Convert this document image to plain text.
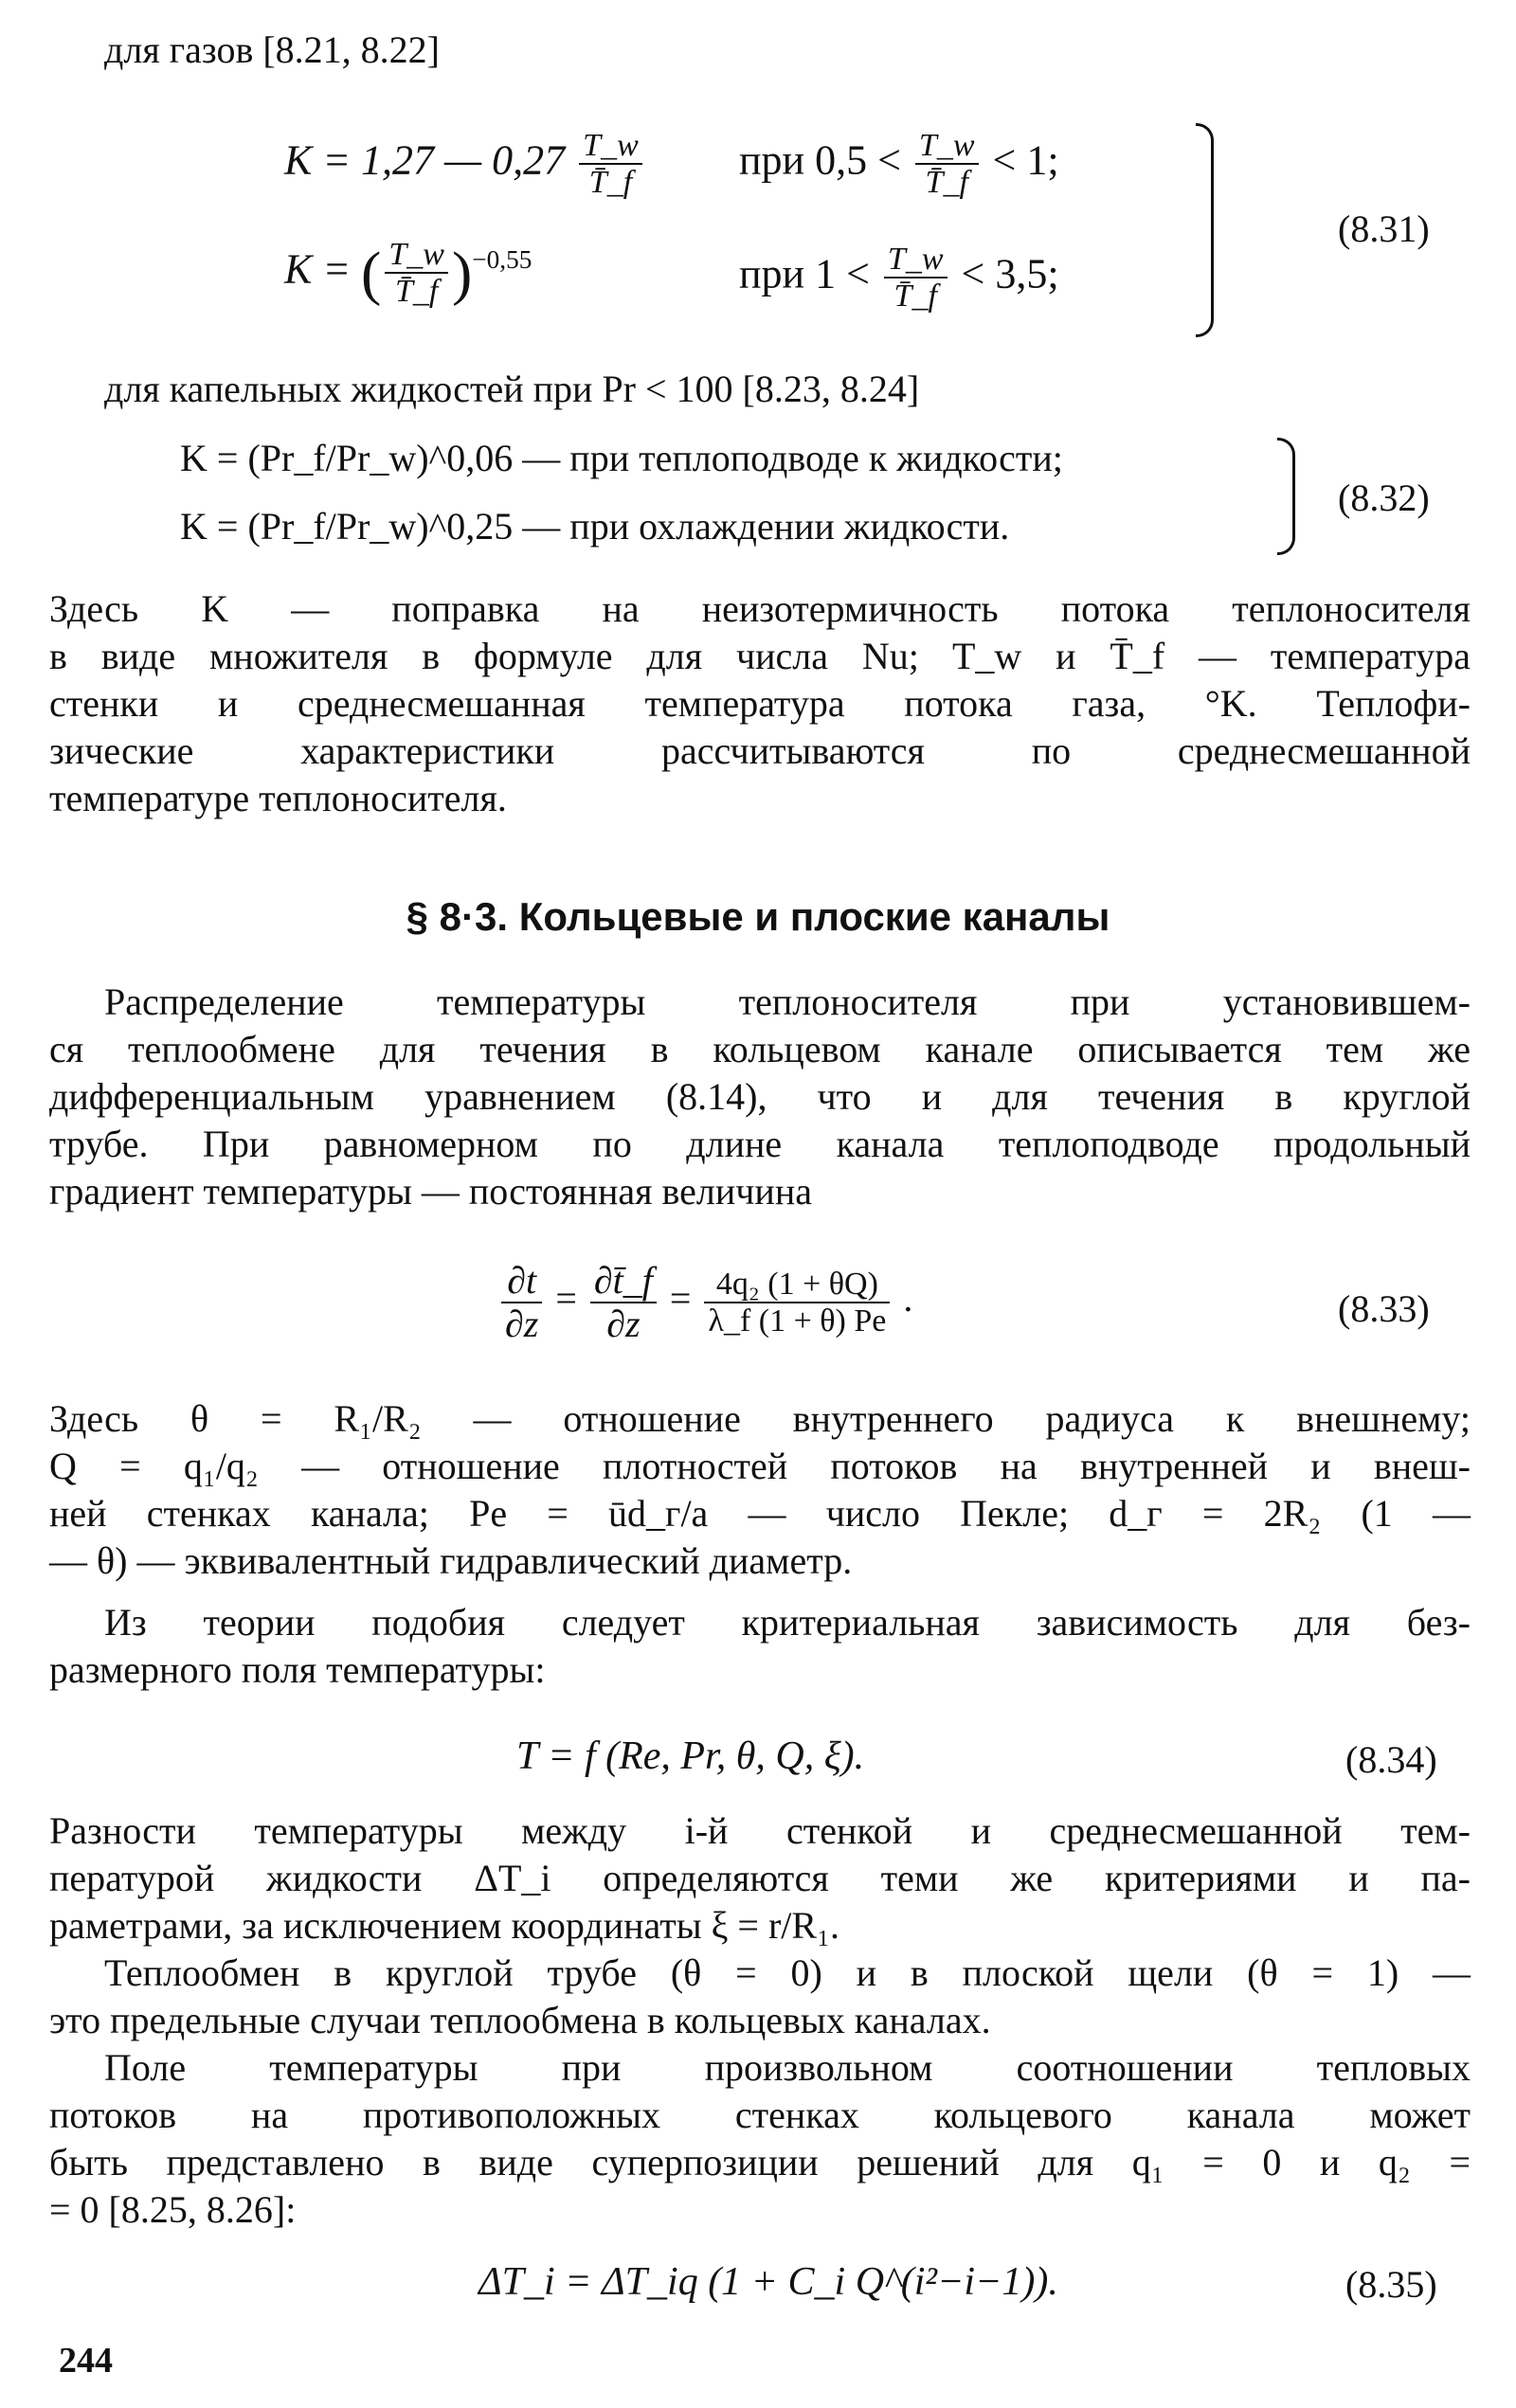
для газов [8.21, 8.22]
K = 1,27 — $0,27 \frac{T\_w}{T̄\_f}$ при $0,5 < \frac{T\_w}{T̄\_f} < 1$;
K = ( $\frac{T\_w}{T̄\_f} )^{-0,55}$	при $1 < \frac{T\_w}{T̄\_f} < 3,5$;
(8.31)
для капельных жидкостей при Pr < 100 [8.23, 8.24]
K = (Pr_f/Pr_w)^0,06 — при теплоподводе к жидкости;
K = (Pr_f/Pr_w)^0,25 — при охлаждении жидкости.
(8.32)
Здесь K — поправка на неизотермичность потока теплоносителя
в виде множителя в формуле для числа Nu; T_w и T̄_f — температура
стенки и среднесмешанная температура потока газа, °K. Теплофи-
зические характеристики рассчитываются по среднесмешанной
температуре теплоносителя.
§ 8·3. Кольцевые и плоские каналы
Распределение температуры теплоносителя при установившем-
ся теплообмене для течения в кольцевом канале описывается тем же
дифференциальным уравнением (8.14), что и для течения в круглой
трубе. При равномерном по длине канала теплоподводе продольный
градиент температуры — постоянная величина
$\frac{\partial t}{\partial z} = \frac{\partial t̄\_f}{\partial z} = \frac{\text{4q₂ (1 + θQ)}}{\lambda\_f (1 + \theta) Pe}$ .	(8.33)
Здесь θ = R₁/R₂ — отношение внутреннего радиуса к внешнему;
Q = q₁/q₂ — отношение плотностей потоков на внутренней и внеш-
ней стенках канала; Pe = ūd_г/a — число Пекле; d_г = 2R₂ (1 —
— θ) — эквивалентный гидравлический диаметр.
Из теории подобия следует критериальная зависимость для без-
размерного поля температуры:
T = f (Re, Pr, θ, Q, ξ).	(8.34)
Разности температуры между i-й стенкой и среднесмешанной тем-
пературой жидкости ΔT_i определяются теми же критериями и па-
раметрами, за исключением координаты ξ = r/R₁.
Теплообмен в круглой трубе (θ = 0) и в плоской щели (θ = 1) —
это предельные случаи теплообмена в кольцевых каналах.
Поле температуры при произвольном соотношении тепловых
потоков на противоположных стенках кольцевого канала может
быть представлено в виде суперпозиции решений для q₁ = 0 и q₂ =
= 0 [8.25, 8.26]:
ΔT_i = ΔT_iq (1 + C_i Q^(i²−i−1)).	(8.35)
244
